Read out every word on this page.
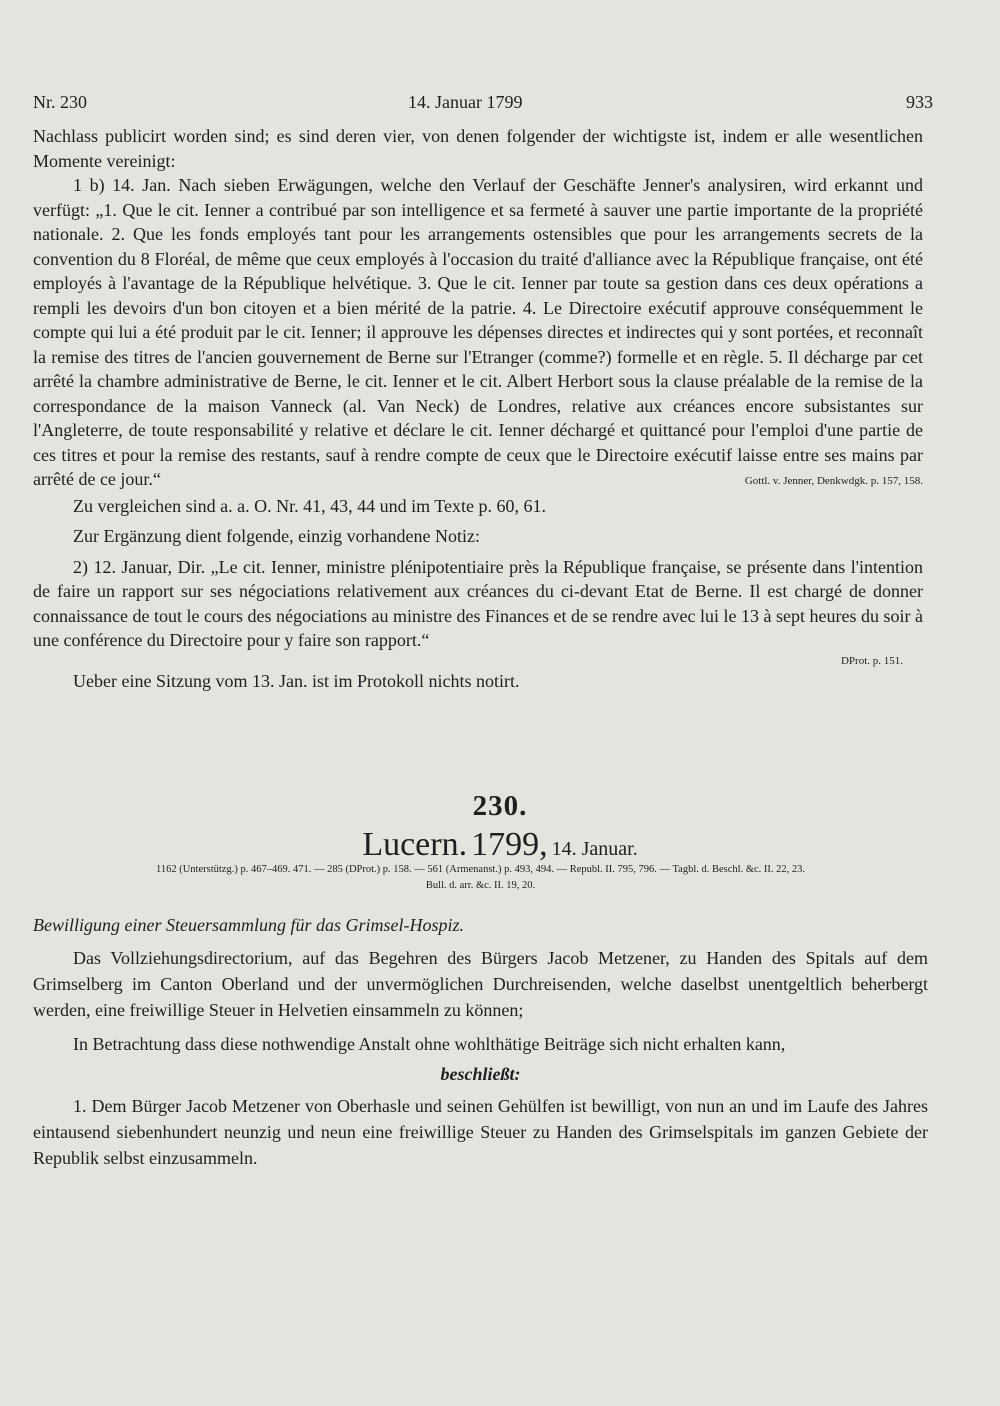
Nr. 230	14. Januar 1799	933

Nachlass publicirt worden sind; es sind deren vier, von denen folgender der wichtigste ist, indem er alle wesentlichen Momente vereinigt:

1 b) 14. Jan. Nach sieben Erwägungen, welche den Verlauf der Geschäfte Jenner's analysiren, wird erkannt und verfügt: „1. Que le cit. Ienner a contribué par son intelligence et sa fermeté à sauver une partie importante de la propriété nationale. 2. Que les fonds employés tant pour les arrangements ostensibles que pour les arrangements secrets de la convention du 8 Floréal, de même que ceux employés à l'occasion du traité d'alliance avec la République française, ont été employés à l'avantage de la République helvétique. 3. Que le cit. Ienner par toute sa gestion dans ces deux opérations a rempli les devoirs d'un bon citoyen et a bien mérité de la patrie. 4. Le Directoire exécutif approuve conséquemment le compte qui lui a été produit par le cit. Ienner; il approuve les dépenses directes et indirectes qui y sont portées, et reconnaît la remise des titres de l'ancien gouvernement de Berne sur l'Etranger (comme?) formelle et en règle. 5. Il décharge par cet arrêté la chambre administrative de Berne, le cit. Ienner et le cit. Albert Herbort sous la clause préalable de la remise de la correspondance de la maison Vanneck (al. Van Neck) de Londres, relative aux créances encore subsistantes sur l'Angleterre, de toute responsabilité y relative et déclare le cit. Ienner déchargé et quittancé pour l'emploi d'une partie de ces titres et pour la remise des restants, sauf à rendre compte de ceux que le Directoire exécutif laisse entre ses mains par arrêté de ce jour.“	Gottl. v. Jenner, Denkwdgk. p. 157, 158.

Zu vergleichen sind a. a. O. Nr. 41, 43, 44 und im Texte p. 60, 61.

Zur Ergänzung dient folgende, einzig vorhandene Notiz:

2) 12. Januar, Dir. „Le cit. Ienner, ministre plénipotentiaire près la République française, se présente dans l'intention de faire un rapport sur ses négociations relativement aux créances du ci-devant Etat de Berne. Il est chargé de donner connaissance de tout le cours des négociations au ministre des Finances et de se rendre avec lui le 13 à sept heures du soir à une conférence du Directoire pour y faire son rapport.“

DProt. p. 151.

Ueber eine Sitzung vom 13. Jan. ist im Protokoll nichts notirt.

230.
Lucern. 1799, 14. Januar.
1162 (Unterstützg.) p. 467–469. 471. — 285 (DProt.) p. 158. — 561 (Armenanst.) p. 493, 494. — Republ. II. 795, 796. — Tagbl. d. Beschl. &c. II. 22, 23.
Bull. d. arr. &c. II. 19, 20.
Bewilligung einer Steuersammlung für das Grimsel-Hospiz.

Das Vollziehungsdirectorium, auf das Begehren des Bürgers Jacob Metzener, zu Handen des Spitals auf dem Grimselberg im Canton Oberland und der unvermöglichen Durchreisenden, welche daselbst unentgeltlich beherbergt werden, eine freiwillige Steuer in Helvetien einsammeln zu können;

In Betrachtung dass diese nothwendige Anstalt ohne wohlthätige Beiträge sich nicht erhalten kann,

beschließt:

1. Dem Bürger Jacob Metzener von Oberhasle und seinen Gehülfen ist bewilligt, von nun an und im Laufe des Jahres eintausend siebenhundert neunzig und neun eine freiwillige Steuer zu Handen des Grimselspitals im ganzen Gebiete der Republik selbst einzusammeln.
